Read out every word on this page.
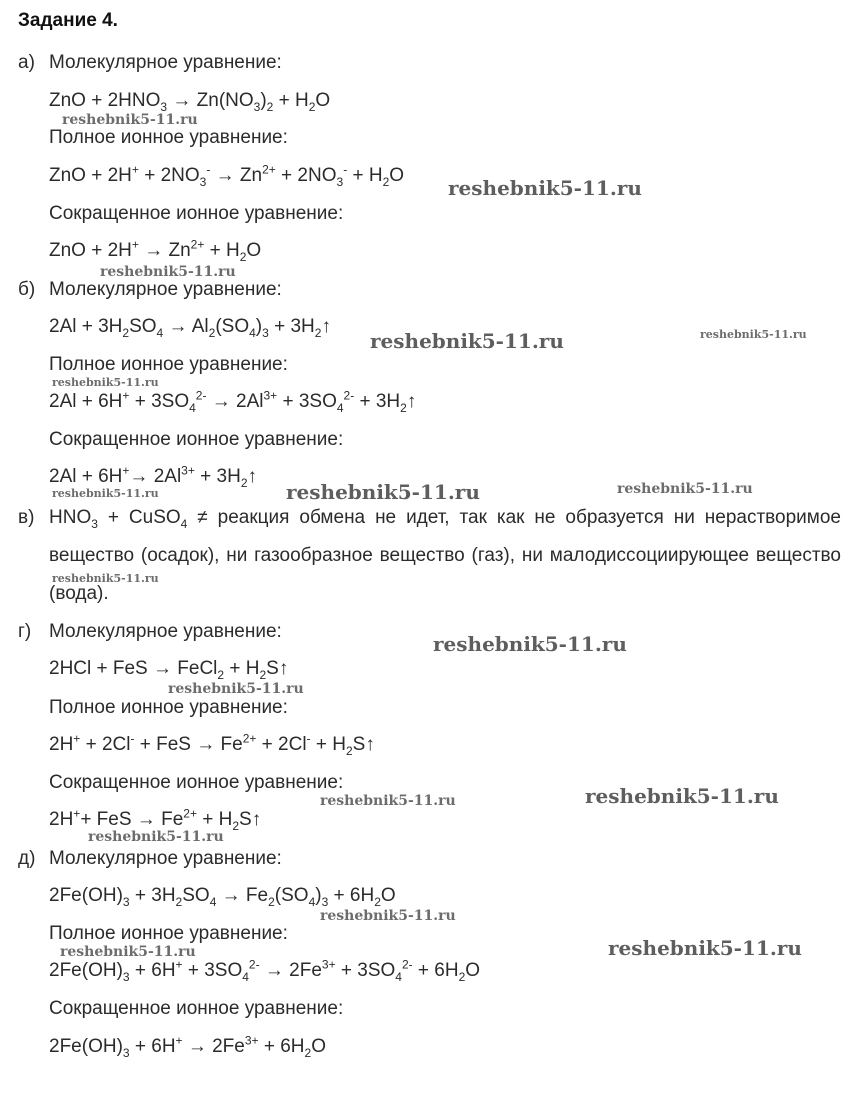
Задание 4.
а) Молекулярное уравнение:
ZnO + $2HNO_3 \to Zn(NO_3)_2 + H_2O$
Полное ионное уравнение:
ZnO + $2H^+ + 2NO_3^- \to Zn^{2+} + 2NO_3^- + H_2O$
Сокращенное ионное уравнение:
ZnO + $2H^+ \to Zn^{2+} + H_2O$
б) Молекулярное уравнение:
$2Al + 3H_2SO_4 \to Al_2(SO_4)_3$ + $3H_2↑$
Полное ионное уравнение:
$2Al + 6H^+ + 3SO_4^{2-} \to 2Al^{3+} + 3SO_4^{2-}$ + $3H_2↑$
Сокращенное ионное уравнение:
$2Al + 6H^+\to 2Al^{3+}$ + $3H_2↑$
в) $HNO_3$ + CuSO$_4$ ≠ реакция обмена не идет, так как не образуется ни нерастворимое вещество (осадок), ни газообразное вещество (газ), ни малодиссоциирующее вещество (вода).
г) Молекулярное уравнение:
2HCl + FeS → FeCl$_2$ + $H_2S↑$
Полное ионное уравнение:
2H+ + 2Cl- + FeS → $Fe^{2+} + 2Cl^-$ + $H_2S↑$
Сокращенное ионное уравнение:
2H++ FeS → $Fe^{2+}$ + $H_2S↑$
д) Молекулярное уравнение:
$2Fe(OH)_3 + 3H_2SO_4 \to Fe_2(SO_4)_3 + 6H_2O$
Полное ионное уравнение:
$2Fe(OH)_3 + 6H^+ + 3SO_4^{2-} \to 2Fe^{3+} + 3SO_4^{2-} + 6H_2O$
Сокращенное ионное уравнение:
$2Fe(OH)_3 + 6H^+ \to 2Fe^{3+} + 6H_2O$
reshebnik5-11.ru
reshebnik5-11.ru
reshebnik5-11.ru
reshebnik5-11.ru	reshebnik5-11.ru
reshebnik5-11.ru
reshebnik5-11.ru	reshebnik5-11.ru	reshebnik5-11.ru
reshebnik5-11.ru
reshebnik5-11.ru
reshebnik5-11.ru
reshebnik5-11.ru
reshebnik5-11.ru
reshebnik5-11.ru
reshebnik5-11.ru
reshebnik5-11.ru	reshebnik5-11.ru
